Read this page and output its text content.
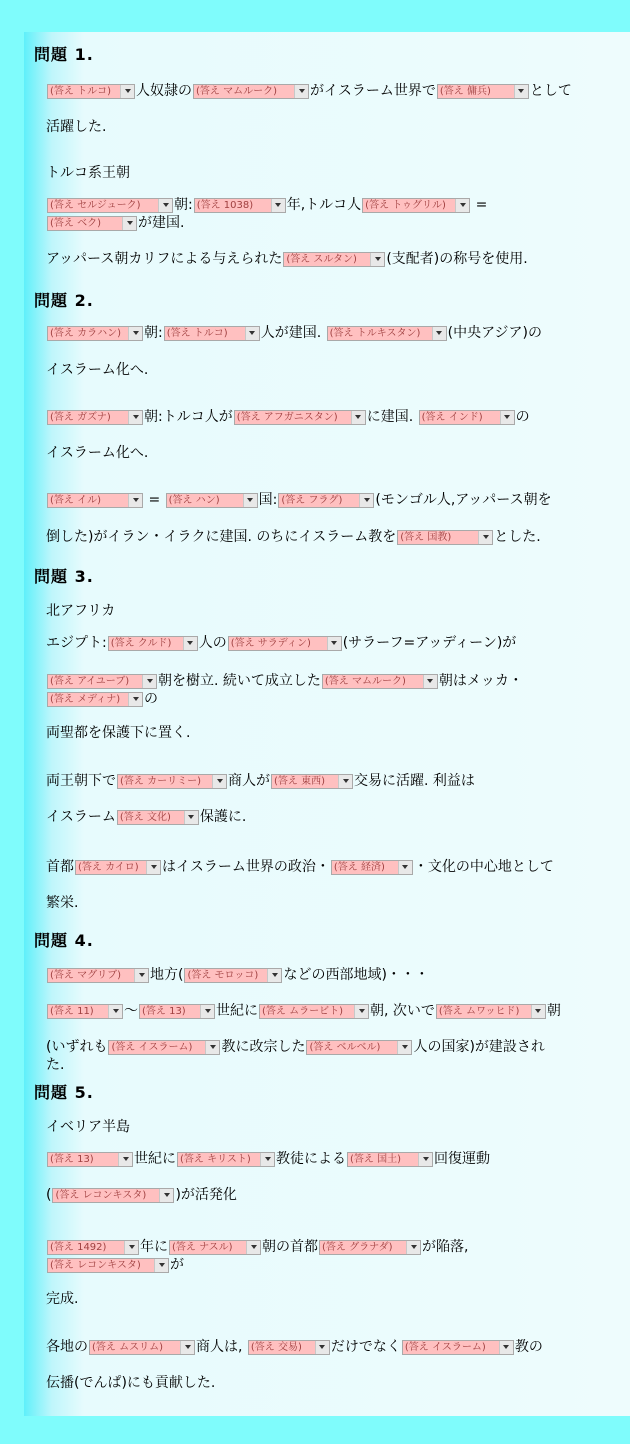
問題 1.
(答え トルコ)	人奴隷の (答え マムルーク)	がイスラーム世界で (答え 傭兵)	として
活躍した.
トルコ系王朝
(答え セルジューク)	朝: (答え 1038)	年,トルコ人 (答え トゥグリル)	=
(答え ベク)	が建国.
アッパース朝カリフによる与えられた (答え スルタン)	(支配者)の称号を使用.
問題 2.
(答え カラハン)	朝: (答え トルコ)	人が建国. (答え トルキスタン)	(中央アジア)の
イスラーム化へ.
(答え ガズナ)	朝:トルコ人が (答え アフガニスタン)	に建国. (答え インド)	の
イスラーム化へ.
(答え イル)	= (答え ハン)	国: (答え フラグ)	(モンゴル人,アッパース朝を
倒した)がイラン・イラクに建国. のちにイスラーム教を (答え 国教)	とした.
問題 3.
北アフリカ
エジプト: (答え クルド)	人の (答え サラディン)	(サラーフ=アッディーン)が
(答え アイユーブ)	朝を樹立. 続いて成立した (答え マムルーク)	朝はメッカ・
(答え メディナ)	の
両聖都を保護下に置く.
両王朝下で (答え カーリミー)	商人が (答え 東西)	交易に活躍. 利益は
イスラーム (答え 文化)	保護に.
首都 (答え カイロ)	はイスラーム世界の政治・ (答え 経済)	・文化の中心地として
繁栄.
問題 4.
(答え マグリブ)	地方( (答え モロッコ)	などの西部地域)・・・
(答え 11)	〜 (答え 13)	世紀に (答え ムラービト)	朝, 次いで (答え ムワッヒド)	朝
(いずれも (答え イスラーム)	教に改宗した (答え ベルベル)	人の国家)が建設され
た.
問題 5.
イベリア半島
(答え 13)	世紀に (答え キリスト)	教徒による (答え 国土)	回復運動
( (答え レコンキスタ)	)が活発化
(答え 1492)	年に (答え ナスル)	朝の首都 (答え グラナダ)	が陥落,
(答え レコンキスタ)	が
完成.
各地の (答え ムスリム)	商人は, (答え 交易)	だけでなく (答え イスラーム)	教の
伝播(でんぱ)にも貢献した.
